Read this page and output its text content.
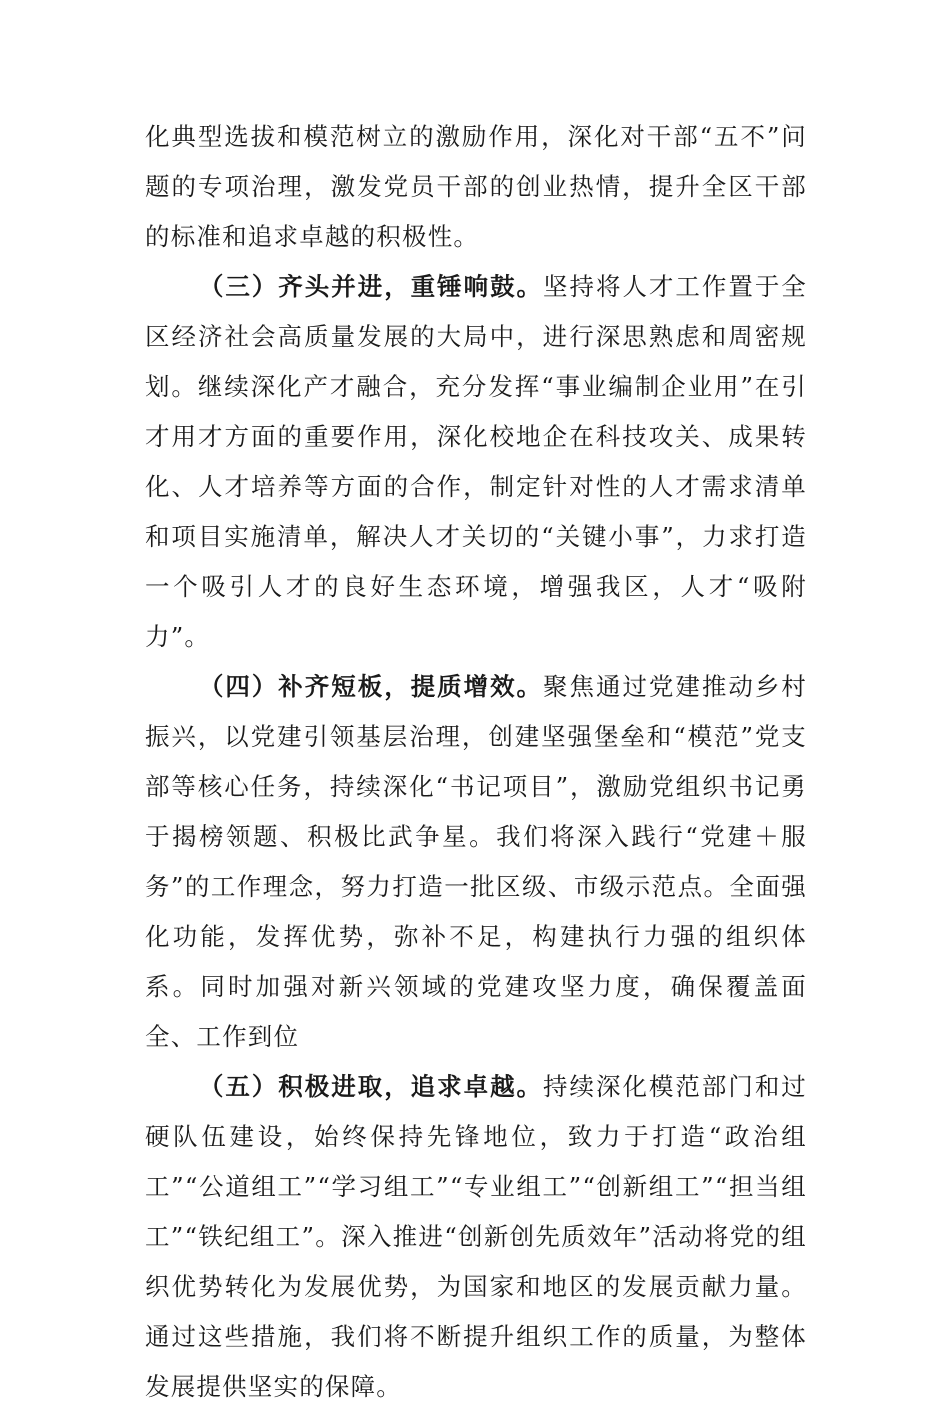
化典型选拔和模范树立的激励作用，深化对干部“五不”问题的专项治理，激发党员干部的创业热情，提升全区干部的标准和追求卓越的积极性。

（三）齐头并进，重锤响鼓。坚持将人才工作置于全区经济社会高质量发展的大局中，进行深思熟虑和周密规划。继续深化产才融合，充分发挥“事业编制企业用”在引才用才方面的重要作用，深化校地企在科技攻关、成果转化、人才培养等方面的合作，制定针对性的人才需求清单和项目实施清单，解决人才关切的“关键小事”，力求打造一个吸引人才的良好生态环境，增强我区，人才“吸附力”。

（四）补齐短板，提质增效。聚焦通过党建推动乡村振兴，以党建引领基层治理，创建坚强堡垒和“模范”党支部等核心任务，持续深化“书记项目”，激励党组织书记勇于揭榜领题、积极比武争星。我们将深入践行“党建＋服务”的工作理念，努力打造一批区级、市级示范点。全面强化功能，发挥优势，弥补不足，构建执行力强的组织体系。同时加强对新兴领域的党建攻坚力度，确保覆盖面全、工作到位

（五）积极进取，追求卓越。持续深化模范部门和过硬队伍建设，始终保持先锋地位，致力于打造“政治组工”“公道组工”“学习组工”“专业组工”“创新组工”“担当组工”“铁纪组工”。深入推进“创新创先质效年”活动将党的组织优势转化为发展优势，为国家和地区的发展贡献力量。通过这些措施，我们将不断提升组织工作的质量，为整体发展提供坚实的保障。
